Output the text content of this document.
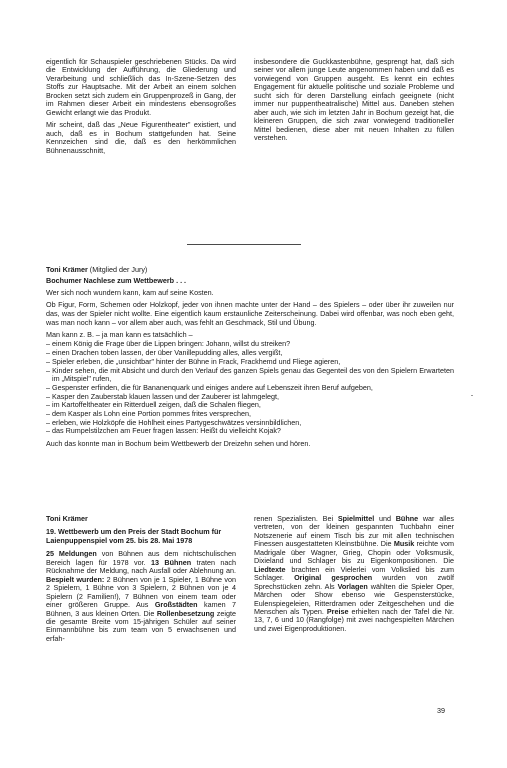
eigentlich für Schauspieler geschriebenen Stücks. Da wird die Entwicklung der Aufführung, die Gliederung und Verarbeitung und schließlich das In-Szene-Setzen des Stoffs zur Hauptsache. Mit der Arbeit an einem solchen Brocken setzt sich zudem ein Gruppenprozeß in Gang, der im Rahmen dieser Arbeit ein mindestens ebensogroßes Gewicht erlangt wie das Produkt.

Mir scheint, daß das „Neue Figurentheater" existiert, und auch, daß es in Bochum stattgefunden hat. Seine Kennzeichen sind die, daß es den herkömmlichen Bühnenausschnitt,

insbesondere die Guckkastenbühne, gesprengt hat, daß sich seiner vor allem junge Leute angenommen haben und daß es vorwiegend von Gruppen ausgeht. Es kennt ein echtes Engagement für aktuelle politische und soziale Probleme und sucht sich für deren Darstellung einfach geeignete (nicht immer nur puppentheatralische) Mittel aus. Daneben stehen aber auch, wie sich im letzten Jahr in Bochum gezeigt hat, die kleineren Gruppen, die sich zwar vorwiegend traditioneller Mittel bedienen, diese aber mit neuen Inhalten zu füllen verstehen.

Toni Krämer (Mitglied der Jury)

Bochumer Nachlese zum Wettbewerb . . .

Wer sich noch wundern kann, kam auf seine Kosten.

Ob Figur, Form, Schemen oder Holzkopf, jeder von ihnen machte unter der Hand – des Spielers – oder über ihr zuweilen nur das, was der Spieler nicht wollte. Eine eigentlich kaum erstaunliche Zeiterscheinung. Dabei wird offenbar, was noch eben geht, was man noch kann – vor allem aber auch, was fehlt an Geschmack, Stil und Übung.

Man kann z. B. – ja man kann es tatsächlich –

– einem König die Frage über die Lippen bringen: Johann, willst du streiken?
– einen Drachen toben lassen, der über Vanillepudding alles, alles vergißt,
– Spieler erleben, die „unsichtbar" hinter der Bühne in Frack, Frackhemd und Fliege agieren,
– Kinder sehen, die mit Absicht und durch den Verlauf des ganzen Spiels genau das Gegenteil des von den Spielern Erwarteten im „Mitspiel" rufen,
– Gespenster erfinden, die für Bananenquark und einiges andere auf Lebenszeit ihren Beruf aufgeben,
– Kasper den Zauberstab klauen lassen und der Zauberer ist lahmgelegt,
– im Kartoffeltheater ein Ritterduell zeigen, daß die Schalen fliegen,
– dem Kasper als Lohn eine Portion pommes frites versprechen,
– erleben, wie Holzköpfe die Hohlheit eines Partygeschwätzes versinnbildlichen,
– das Rumpelstilzchen am Feuer fragen lassen: Heißt du vielleicht Kojak?

Auch das konnte man in Bochum beim Wettbewerb der Dreizehn sehen und hören.

Toni Krämer

19. Wettbewerb um den Preis der Stadt Bochum für Laienpuppenspiel vom 25. bis 28. Mai 1978

25 Meldungen von Bühnen aus dem nichtschulischen Bereich lagen für 1978 vor. 13 Bühnen traten nach Rücknahme der Meldung, nach Ausfall oder Ablehnung an. Bespielt wurden: 2 Bühnen von je 1 Spieler, 1 Bühne von 2 Spielern, 1 Bühne von 3 Spielern, 2 Bühnen von je 4 Spielern (2 Familien!), 7 Bühnen von einem team oder einer größeren Gruppe. Aus Großstädten kamen 7 Bühnen, 3 aus kleinen Orten. Die Rollenbesetzung zeigte die gesamte Breite vom 15-jährigen Schüler auf seiner Einmannbühne bis zum team von 5 erwachsenen und erfah-

renen Spezialisten. Bei Spielmittel und Bühne war alles vertreten, von der kleinen gespannten Tuchbahn einer Notszenerie auf einem Tisch bis zur mit allen technischen Finessen ausgestatteten Kleinstbühne. Die Musik reichte vom Madrigale über Wagner, Grieg, Chopin oder Volksmusik, Dixieland und Schlager bis zu Eigenkompositionen. Die Liedtexte brachten ein Vielerlei vom Volkslied bis zum Schlager. Original gesprochen wurden von zwölf Sprechstücken zehn. Als Vorlagen wählten die Spieler Oper, Märchen oder Show ebenso wie Gespensterstücke, Eulenspiegeleien, Ritterdramen oder Zeitgeschehen und die Menschen als Typen. Preise erhielten nach der Tafel die Nr. 13, 7, 6 und 10 (Rangfolge) mit zwei nachgespielten Märchen und zwei Eigenproduktionen.

39
